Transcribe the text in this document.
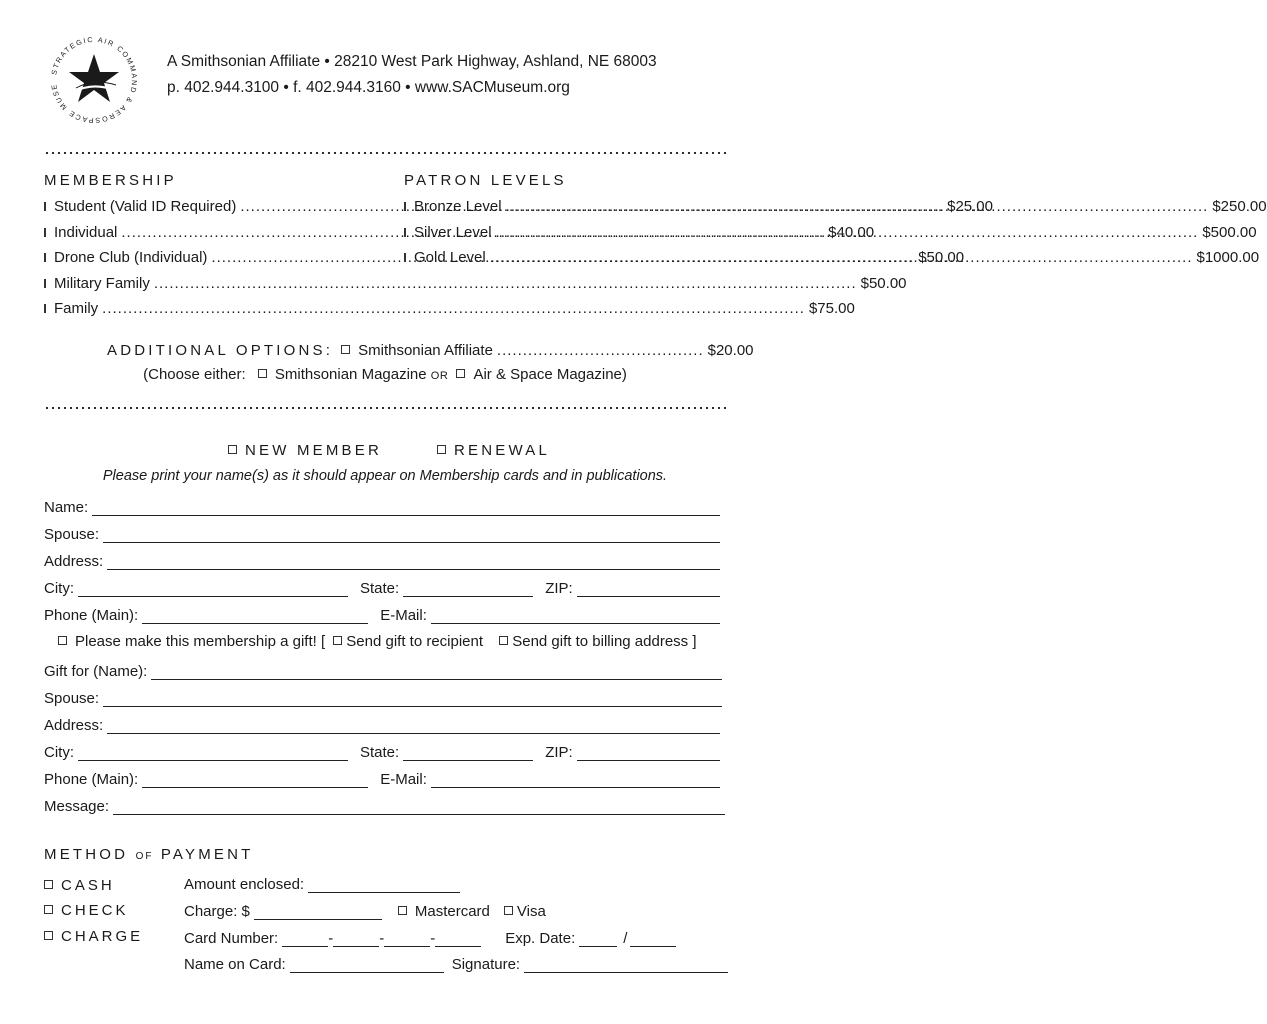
STRATEGIC AIR COMMAND & AEROSPACE MUSE
A Smithsonian Affiliate • 28210 West Park Highway, Ashland, NE 68003
p. 402.944.3100 • f. 402.944.3160 • www.SACMuseum.org
MEMBERSHIP
Student (Valid ID Required) .....	$25.00
Individual .....	$40.00
Drone Club (Individual) .....	$50.00
Military Family .....	$50.00
Family .....	$75.00
PATRON LEVELS
Bronze Level .....	$250.00
Silver Level .....	$500.00
Gold Level .....	$1000.00
ADDITIONAL OPTIONS: Smithsonian Affiliate ........................................ $20.00
(Choose either: Smithsonian Magazine OR Air & Space Magazine)
NEW MEMBER	RENEWAL
Please print your name(s) as it should appear on Membership cards and in publications.
Name:
Spouse:
Address:
City:	State:	ZIP:
Phone (Main):	E-Mail:
Please make this membership a gift! [ Send gift to recipient Send gift to billing address ]
Gift for (Name):
Spouse:
Address:
City:	State:	ZIP:
Phone (Main):	E-Mail:
Message:
METHOD OF PAYMENT
CASH
CHECK
CHARGE
Amount enclosed:
Charge: $	Mastercard Visa
Card Number:	-	-	-	Exp. Date:	/
Name on Card:	Signature:
